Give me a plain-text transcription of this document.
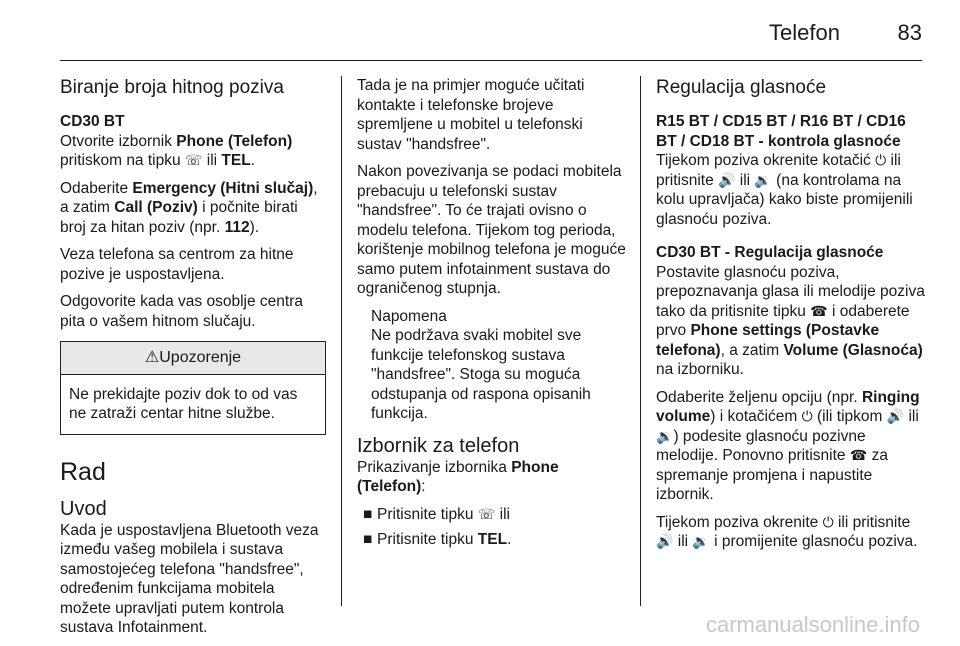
Telefon	83
Biranje broja hitnog poziva
CD30 BT

Otvorite izbornik Phone (Telefon)
pritiskom na tipku ☏ ili TEL.

Odaberite Emergency (Hitni slučaj), a zatim Call (Poziv) i počnite birati broj za hitan poziv (npr. 112).

Veza telefona sa centrom za hitne pozive je uspostavljena.

Odgovorite kada vas osoblje centra pita o vašem hitnom slučaju.

⚠Upozorenje
Ne prekidajte poziv dok to od vas ne zatraži centar hitne službe.
Rad
Uvod

Kada je uspostavljena Bluetooth veza između vašeg mobilela i sustava samostojećeg telefona "handsfree", određenim funkcijama mobitela možete upravljati putem kontrola sustava Infotainment.

Tada je na primjer moguće učitati kontakte i telefonske brojeve spremljene u mobitel u telefonski sustav "handsfree".

Nakon povezivanja se podaci mobitela prebacuju u telefonski sustav "handsfree". To će trajati ovisno o modelu telefona. Tijekom tog perioda, korištenje mobilnog telefona je moguće samo putem infotainment sustava do ograničenog stupnja.

Napomena
Ne podržava svaki mobitel sve funkcije telefonskog sustava "handsfree". Stoga su moguća odstupanja od raspona opisanih funkcija.
Izbornik za telefon

Prikazivanje izbornika Phone (Telefon):

■ Pritisnite tipku ☏ ili
■ Pritisnite tipku TEL.
Regulacija glasnoće
R15 BT / CD15 BT / R16 BT / CD16 BT / CD18 BT - kontrola glasnoće

Tijekom poziva okrenite kotačić ⏻ ili pritisnite 🔊 ili 🔉 (na kontrolama na kolu upravljača) kako biste promijenili glasnoću poziva.

CD30 BT - Regulacija glasnoće

Postavite glasnoću poziva, prepoznavanja glasa ili melodije poziva tako da pritisnite tipku ☎ i odaberete prvo Phone settings (Postavke telefona), a zatim Volume (Glasnoća) na izborniku.

Odaberite željenu opciju (npr. Ringing volume) i kotačićem ⏻ (ili tipkom 🔊 ili 🔉) podesite glasnoću pozivne melodije. Ponovno pritisnite ☎ za spremanje promjena i napustite izbornik.

Tijekom poziva okrenite ⏻ ili pritisnite 🔊 ili 🔉 i promijenite glasnoću poziva.

carmanualsonline.info
